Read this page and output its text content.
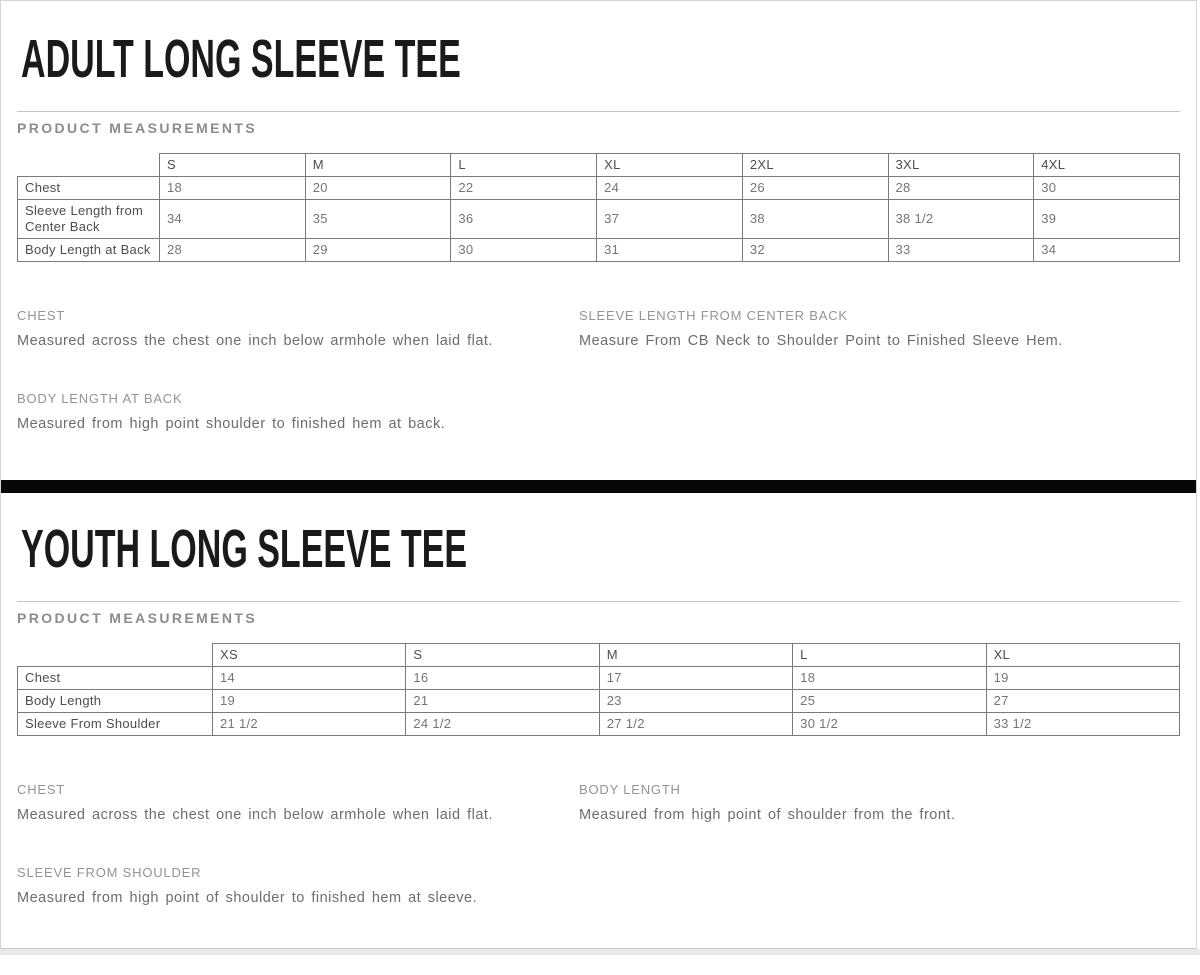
ADULT LONG SLEEVE TEE
PRODUCT MEASUREMENTS
	S	M	L	XL	2XL	3XL	4XL
Chest	18	20	22	24	26	28	30
Sleeve Length from Center Back	34	35	36	37	38	38 1/2	39
Body Length at Back	28	29	30	31	32	33	34

CHEST

Measured across the chest one inch below armhole when laid flat.

SLEEVE LENGTH FROM CENTER BACK

Measure From CB Neck to Shoulder Point to Finished Sleeve Hem.

BODY LENGTH AT BACK

Measured from high point shoulder to finished hem at back.

YOUTH LONG SLEEVE TEE
PRODUCT MEASUREMENTS
	XS	S	M	L	XL
Chest	14	16	17	18	19
Body Length	19	21	23	25	27
Sleeve From Shoulder	21 1/2	24 1/2	27 1/2	30 1/2	33 1/2

CHEST

Measured across the chest one inch below armhole when laid flat.

BODY LENGTH

Measured from high point of shoulder from the front.

SLEEVE FROM SHOULDER

Measured from high point of shoulder to finished hem at sleeve.
